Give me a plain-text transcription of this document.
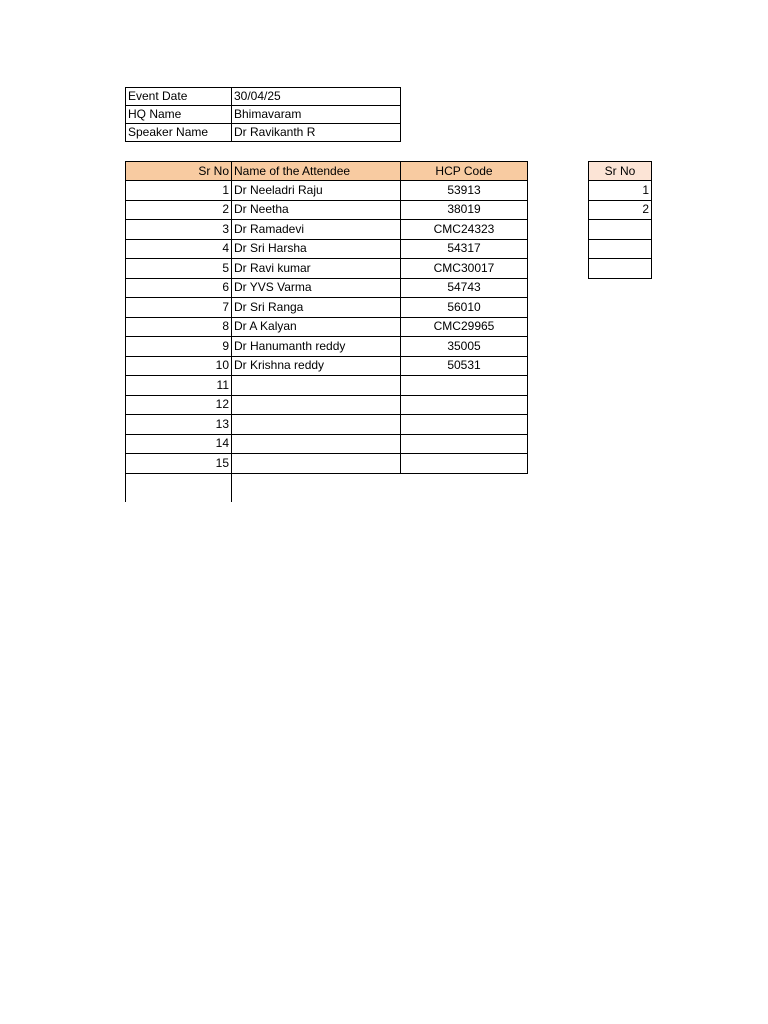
Event Date	30/04/25
HQ Name	Bhimavaram
Speaker Name	Dr Ravikanth R
Sr No	Name of the Attendee	HCP Code
1	Dr Neeladri Raju	53913
2	Dr Neetha	38019
3	Dr Ramadevi	CMC24323
4	Dr Sri Harsha	54317
5	Dr Ravi kumar	CMC30017
6	Dr YVS Varma	54743
7	Dr Sri Ranga	56010
8	Dr A Kalyan	CMC29965
9	Dr Hanumanth reddy	35005
10	Dr Krishna reddy	50531
11		
12		
13		
14		
15		
Sr No
1
2
